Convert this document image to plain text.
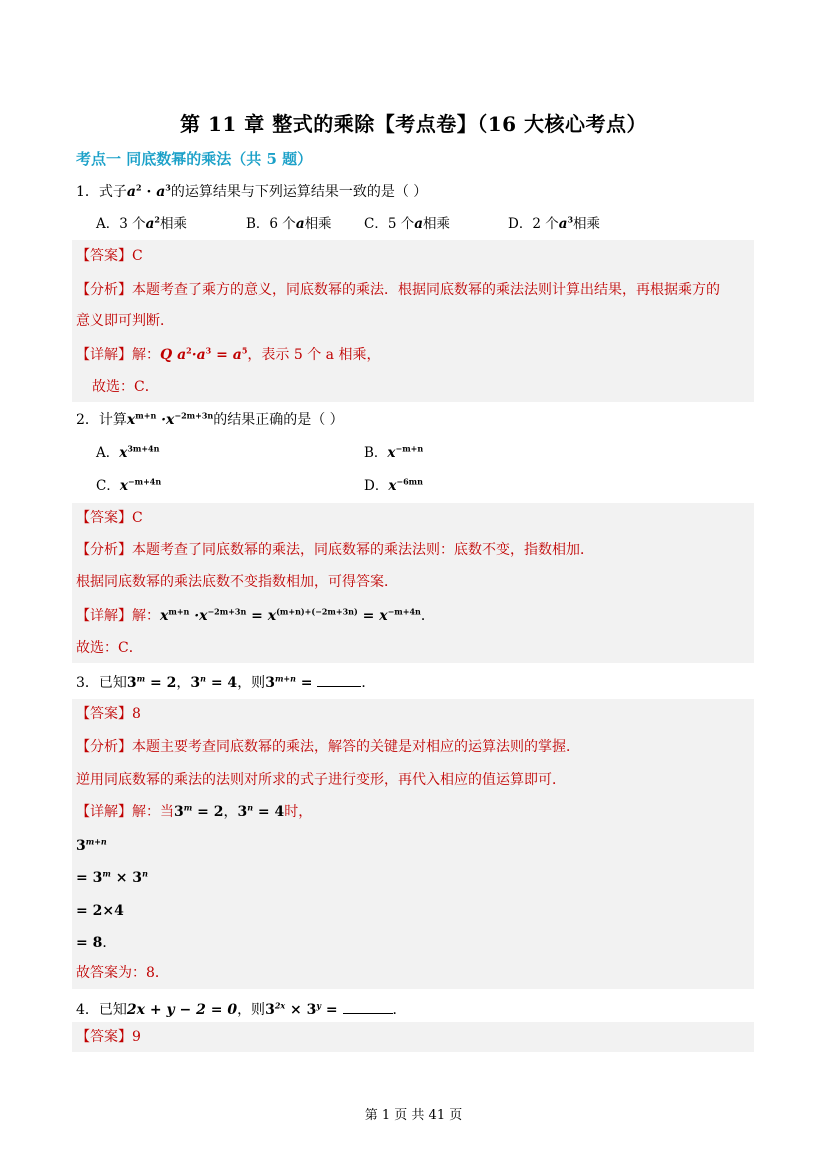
第 11 章 整式的乘除【考点卷】（16 大核心考点）
考点一 同底数幂的乘法（共 5 题）
1．式子$a^2 \cdot a^3$的运算结果与下列运算结果一致的是（ ）
A．3 个$a^2$相乘	B．6 个a相乘 C．5 个a相乘	D．2 个$a^3$相乘
【答案】C
【分析】本题考查了乘方的意义，同底数幂的乘法．根据同底数幂的乘法法则计算出结果，再根据乘方的
意义即可判断．
【详解】解：Q $a^2\cdot a^3 = a^5$，表示 5 个 a 相乘，
故选：C．
2．计算$x^{m+n} \cdot x^{-2m+3n}$的结果正确的是（ ）
A．$x^{3m+4n}$	B．$x^{-m+n}$
C．$x^{-m+4n}$	D．$x^{-6mn}$
【答案】C
【分析】本题考查了同底数幂的乘法，同底数幂的乘法法则：底数不变，指数相加．
根据同底数幂的乘法底数不变指数相加，可得答案．
【详解】解：$x^{m+n} \cdot x^{-2m+3n} = x^{(m+n)+(-2m+3n)} = x^{-m+4n}$．
故选：C．
3．已知$3^m = 2$，$3^n = 4$，则$3^{m+n}$ =	．
【答案】8
【分析】本题主要考查同底数幂的乘法，解答的关键是对相应的运算法则的掌握．
逆用同底数幂的乘法的法则对所求的式子进行变形，再代入相应的值运算即可．
【详解】解：当$3^m = 2$，$3^n = 4$时，
$3^{m+n}$
= $3^m \times 3^n$
= 2×4
= 8．
故答案为：8．
4．已知2x + y − 2 = 0，则$3^{2x} \times 3^y$ =	．
【答案】9
第 1 页 共 41 页
